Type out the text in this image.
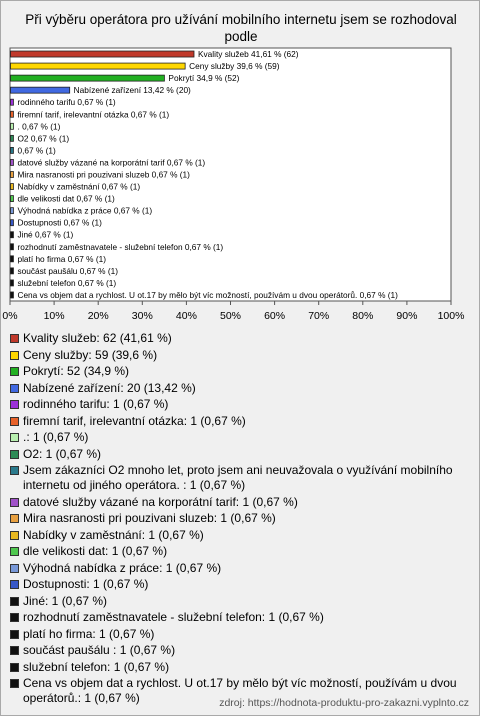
Při výběru operátora pro užívání mobilního internetu jsem se rozhodoval podle
Kvality služeb 41,61 % (62)
Ceny služby 39,6 % (59)
Pokrytí 34,9 % (52)
Nabízené zařízení 13,42 % (20)
rodinného tarifu 0,67 % (1)
firemní tarif, irelevantní otázka 0,67 % (1)
. 0,67 % (1)
O2 0,67 % (1)
0,67 % (1)
datové služby vázané na korporátní tarif 0,67 % (1)
Mira nasranosti pri pouzivani sluzeb 0,67 % (1)
Nabídky v zaměstnání 0,67 % (1)
dle velikosti dat 0,67 % (1)
Výhodná nabídka z práce 0,67 % (1)
Dostupnosti 0,67 % (1)
Jiné 0,67 % (1)
rozhodnutí zaměstnavatele - služební telefon 0,67 % (1)
platí ho firma 0,67 % (1)
součást paušálu 0,67 % (1)
služební telefon 0,67 % (1)
Cena vs objem dat a rychlost. U ot.17 by mělo být víc možností, používám u dvou operátorů. 0,67 % (1)
0% 10% 20% 30% 40% 50% 60% 70% 80% 90% 100%
Kvality služeb: 62 (41,61 %)
Ceny služby: 59 (39,6 %)
Pokrytí: 52 (34,9 %)
Nabízené zařízení: 20 (13,42 %)
rodinného tarifu: 1 (0,67 %)
firemní tarif, irelevantní otázka: 1 (0,67 %)
.: 1 (0,67 %)
O2: 1 (0,67 %)
Jsem zákazníci O2 mnoho let, proto jsem ani neuvažovala o využívání mobilního internetu od jiného operátora. : 1 (0,67 %)
datové služby vázané na korporátní tarif: 1 (0,67 %)
Mira nasranosti pri pouzivani sluzeb: 1 (0,67 %)
Nabídky v zaměstnání: 1 (0,67 %)
dle velikosti dat: 1 (0,67 %)
Výhodná nabídka z práce: 1 (0,67 %)
Dostupnosti: 1 (0,67 %)
Jiné: 1 (0,67 %)
rozhodnutí zaměstnavatele - služební telefon: 1 (0,67 %)
platí ho firma: 1 (0,67 %)
součást paušálu : 1 (0,67 %)
služební telefon: 1 (0,67 %)
Cena vs objem dat a rychlost. U ot.17 by mělo být víc možností, používám u dvou operátorů.: 1 (0,67 %)	zdroj: https://hodnota-produktu-pro-zakazni.vyplnto.cz
